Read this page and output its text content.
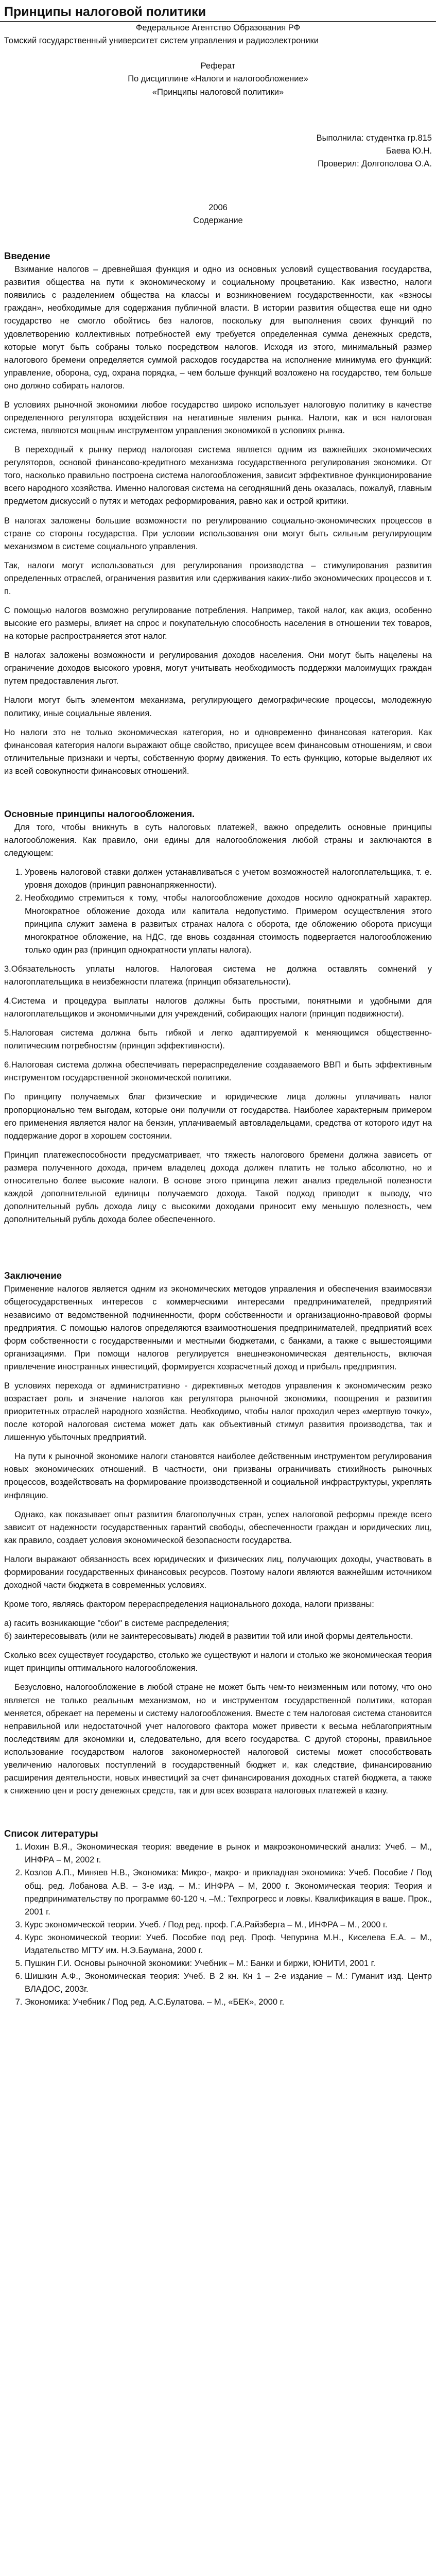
Принципы налоговой политики

Федеральное Агентство Образования РФ

Томский государственный университет систем управления и радиоэлектроники

Реферат

По дисциплине «Налоги и налогообложение»

«Принципы налоговой политики»

Выполнила: студентка гр.815

Баева Ю.Н.

Проверил: Долгополова О.А.

2006

Содержание

Введение

Взимание налогов – древнейшая функция и одно из основных условий существования государства, развития общества на пути к экономическому и социальному процветанию. Как известно, налоги появились с разделением общества на классы и возникновением государственности, как «взносы граждан», необходимые для содержания публичной власти. В истории развития общества еще ни одно государство не смогло обойтись без налогов, поскольку для выполнения своих функций по удовлетворению коллективных потребностей ему требуется определенная сумма денежных средств, которые могут быть собраны только посредством налогов. Исходя из этого, минимальный размер налогового бремени определяется суммой расходов государства на исполнение минимума его функций: управление, оборона, суд, охрана порядка, – чем больше функций возложено на государство, тем больше оно должно собирать налогов.

В условиях рыночной экономики любое государство широко использует налоговую политику в качестве определенного регулятора воздействия на негативные явления рынка. Налоги, как и вся налоговая система, являются мощным инструментом управления экономикой в условиях рынка.

В переходный к рынку период налоговая система является одним из важнейших экономических регуляторов, основой финансово-кредитного механизма государственного регулирования экономики. От того, насколько правильно построена система налогообложения, зависит эффективное функционирование всего народного хозяйства. Именно налоговая система на сегодняшний день оказалась, пожалуй, главным предметом дискуссий о путях и методах реформирования, равно как и острой критики.

В налогах заложены большие возможности по регулированию социально-экономических процессов в стране со стороны государства. При условии использования они могут быть сильным регулирующим механизмом в системе социального управления.

Так, налоги могут использоваться для регулирования производства – стимулирования развития определенных отраслей, ограничения развития или сдерживания каких-либо экономических процессов и т. п.

С помощью налогов возможно регулирование потребления. Например, такой налог, как акциз, особенно высокие его размеры, влияет на спрос и покупательную способность населения в отношении тех товаров, на которые распространяется этот налог.

В налогах заложены возможности и регулирования доходов населения. Они могут быть нацелены на ограничение доходов высокого уровня, могут учитывать необходимость поддержки малоимущих граждан путем предоставления льгот.

Налоги могут быть элементом механизма, регулирующего демографические процессы, молодежную политику, иные социальные явления.

Но налоги это не только экономическая категория, но и одновременно финансовая категория. Как финансовая категория налоги выражают обще свойство, присущее всем финансовым отношениям, и свои отличительные признаки и черты, собственную форму движения. То есть функцию, которые выделяют их из всей совокупности финансовых отношений.

Основные принципы налогообложения.

Для того, чтобы вникнуть в суть налоговых платежей, важно определить основные принципы налогообложения. Как правило, они едины для налогообложения любой страны и заключаются в следующем:

1. Уровень налоговой ставки должен устанавливаться с учетом возможностей налогоплательщика, т. е. уровня доходов (принцип равнонапряженности).
2. Необходимо стремиться к тому, чтобы налогообложение доходов носило однократный характер. Многократное обложение дохода или капитала недопустимо. Примером осуществления этого принципа служит замена в развитых странах налога с оборота, где обложению оборота присущи многократное обложение, на НДС, где вновь созданная стоимость подвергается налогообложению только один раз (принцип однократности уплаты налога).

3.Обязательность уплаты налогов. Налоговая система не должна оставлять сомнений у налогоплательщика в неизбежности платежа (принцип обязательности).

4.Система и процедура выплаты налогов должны быть простыми, понятными и удобными для налогоплательщиков и экономичными для учреждений, собирающих налоги (принцип подвижности).

5.Налоговая система должна быть гибкой и легко адаптируемой к меняющимся общественно-политическим потребностям (принцип эффективности).

6.Налоговая система должна обеспечивать перераспределение создаваемого ВВП и быть эффективным инструментом государственной экономической политики.

По принципу получаемых благ физические и юридические лица должны уплачивать налог пропорционально тем выгодам, которые они получили от государства. Наиболее характерным примером его применения является налог на бензин, уплачиваемый автовладельцами, средства от которого идут на поддержание дорог в хорошем состоянии.

Принцип платежеспособности предусматривает, что тяжесть налогового бремени должна зависеть от размера полученного дохода, причем владелец дохода должен платить не только абсолютно, но и относительно более высокие налоги. В основе этого принципа лежит анализ предельной полезности каждой дополнительной единицы получаемого дохода. Такой подход приводит к выводу, что дополнительный рубль дохода лицу с высокими доходами приносит ему меньшую полезность, чем дополнительный рубль дохода более обеспеченного.

Заключение

Применение налогов является одним из экономических методов управления и обеспечения взаимосвязи общегосударственных интересов с коммерческими интересами предпринимателей, предприятий независимо от ведомственной подчиненности, форм собственности и организационно-правовой формы предприятия. С помощью налогов определяются взаимоотношения предпринимателей, предприятий всех форм собственности с государственными и местными бюджетами, с банками, а также с вышестоящими организациями. При помощи налогов регулируется внешнеэкономическая деятельность, включая привлечение иностранных инвестиций, формируется хозрасчетный доход и прибыль предприятия.

В условиях перехода от административно - директивных методов управления к экономическим резко возрастает роль и значение налогов как регулятора рыночной экономики, поощрения и развития приоритетных отраслей народного хозяйства. Необходимо, чтобы налог проходил через «мертвую точку», после которой налоговая система может дать как объективный стимул развития производства, так и лишенную убыточных предприятий.

На пути к рыночной экономике налоги становятся наиболее действенным инструментом регулирования новых экономических отношений. В частности, они призваны ограничивать стихийность рыночных процессов, воздействовать на формирование производственной и социальной инфраструктуры, укреплять инфляцию.

Однако, как показывает опыт развития благополучных стран, успех налоговой реформы прежде всего зависит от надежности государственных гарантий свободы, обеспеченности граждан и юридических лиц, как правило, создает условия экономической безопасности государства.

Налоги выражают обязанность всех юридических и физических лиц, получающих доходы, участвовать в формировании государственных финансовых ресурсов. Поэтому налоги являются важнейшим источником доходной части бюджета в современных условиях.

Кроме того, являясь фактором перераспределения национального дохода, налоги призваны:

а) гасить возникающие "сбои" в системе распределения;

б) заинтересовывать (или не заинтересовывать) людей в развитии той или иной формы деятельности.

Сколько всех существует государство, столько же существуют и налоги и столько же экономическая теория ищет принципы оптимального налогообложения.

Безусловно, налогообложение в любой стране не может быть чем-то неизменным или потому, что оно является не только реальным механизмом, но и инструментом государственной политики, которая меняется, обрекает на перемены и систему налогообложения. Вместе с тем налоговая система становится неправильной или недостаточной учет налогового фактора может привести к весьма неблагоприятным последствиям для экономики и, следовательно, для всего государства. С другой стороны, правильное использование государством налогов закономерностей налоговой системы может способствовать увеличению налоговых поступлений в государственный бюджет и, как следствие, финансированию расширения деятельности, новых инвестиций за счет финансирования доходных статей бюджета, а также к снижению цен и росту денежных средств, так и для всех возврата налоговых платежей в казну.

Список литературы
1. Иохин В.Я., Экономическая теория: введение в рынок и макроэкономический анализ: Учеб. – М., ИНФРА – М, 2002 г.
2. Козлов А.П., Миняев Н.В., Экономика: Микро-, макро- и прикладная экономика: Учеб. Пособие / Под общ. ред. Лобанова А.В. – 3-е изд. – М.: ИНФРА – М, 2000 г. Экономическая теория: Теория и предпринимательству по программе 60-120 ч. –М.: Техпрогресс и ловкы. Квалификация в ваше. Прок., 2001 г.
3. Курс экономической теории. Учеб. / Под ред. проф. Г.А.Райзберга – М., ИНФРА – М., 2000 г.
4. Курс экономической теории: Учеб. Пособие под ред. Проф. Чепурина М.Н., Киселева Е.А. – М., Издательство МГТУ им. Н.Э.Баумана, 2000 г.
5. Пушкин Г.И. Основы рыночной экономики: Учебник – М.: Банки и биржи, ЮНИТИ, 2001 г.
6. Шишкин А.Ф., Экономическая теория: Учеб. В 2 кн. Кн 1 – 2-е издание – М.: Гуманит изд. Центр ВЛАДОС, 2003г.
7. Экономика: Учебник / Под ред. А.С.Булатова. – М., «БЕК», 2000 г.
